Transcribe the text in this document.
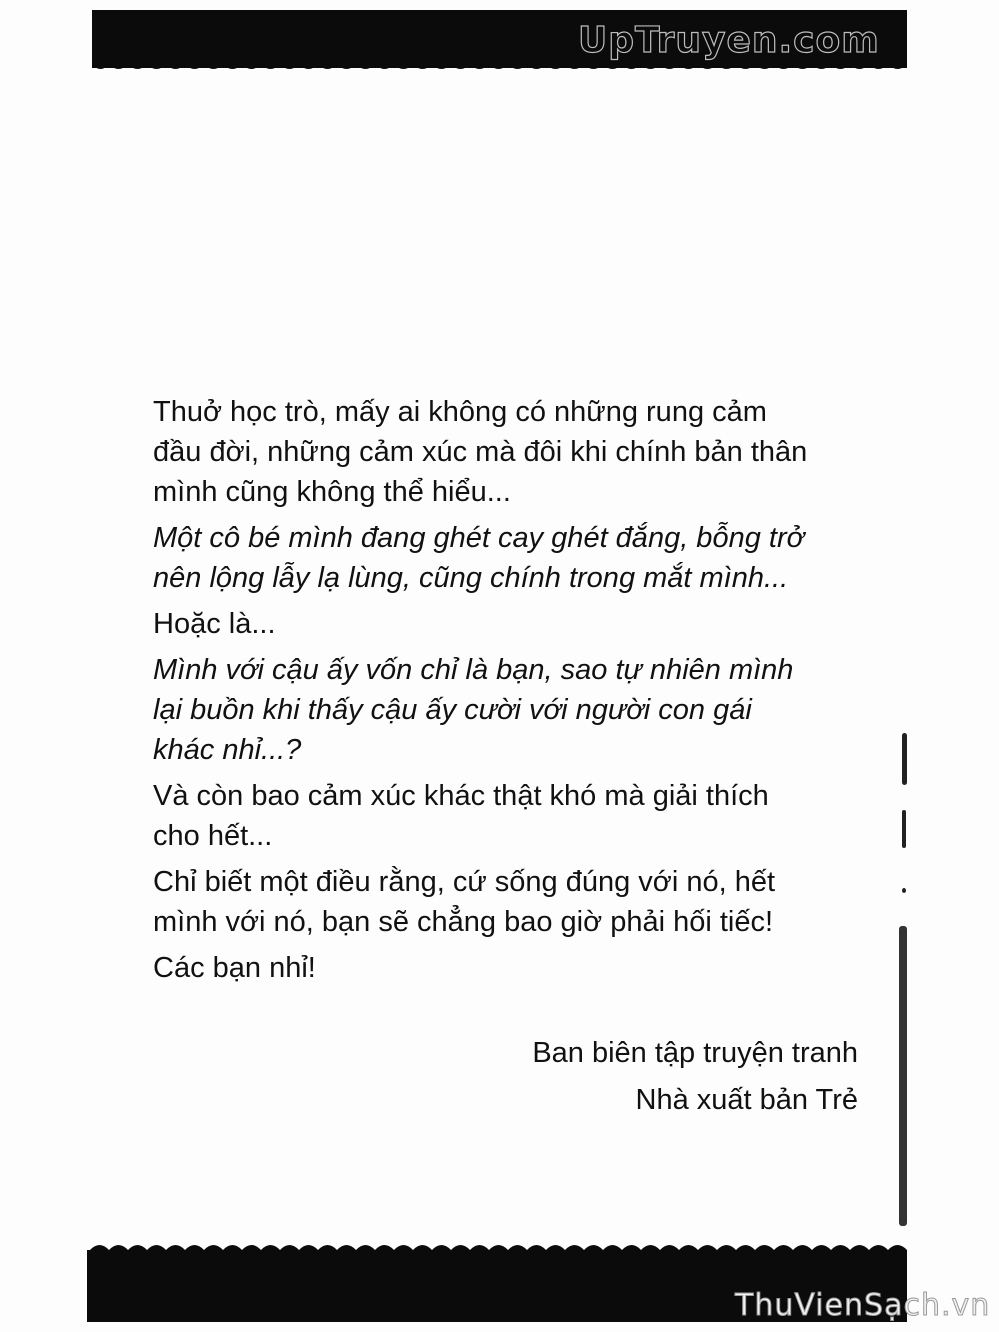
UpTruyen.com

Thuở học trò, mấy ai không có những rung cảm
đầu đời, những cảm xúc mà đôi khi chính bản thân
mình cũng không thể hiểu...

Một cô bé mình đang ghét cay ghét đắng, bỗng trở
nên lộng lẫy lạ lùng, cũng chính trong mắt mình...

Hoặc là...

Mình với cậu ấy vốn chỉ là bạn, sao tự nhiên mình
lại buồn khi thấy cậu ấy cười với người con gái
khác nhỉ...?

Và còn bao cảm xúc khác thật khó mà giải thích
cho hết...

Chỉ biết một điều rằng, cứ sống đúng với nó, hết
mình với nó, bạn sẽ chẳng bao giờ phải hối tiếc!

Các bạn nhỉ!

Ban biên tập truyện tranh
Nhà xuất bản Trẻ
ThuVienSạch.vn
